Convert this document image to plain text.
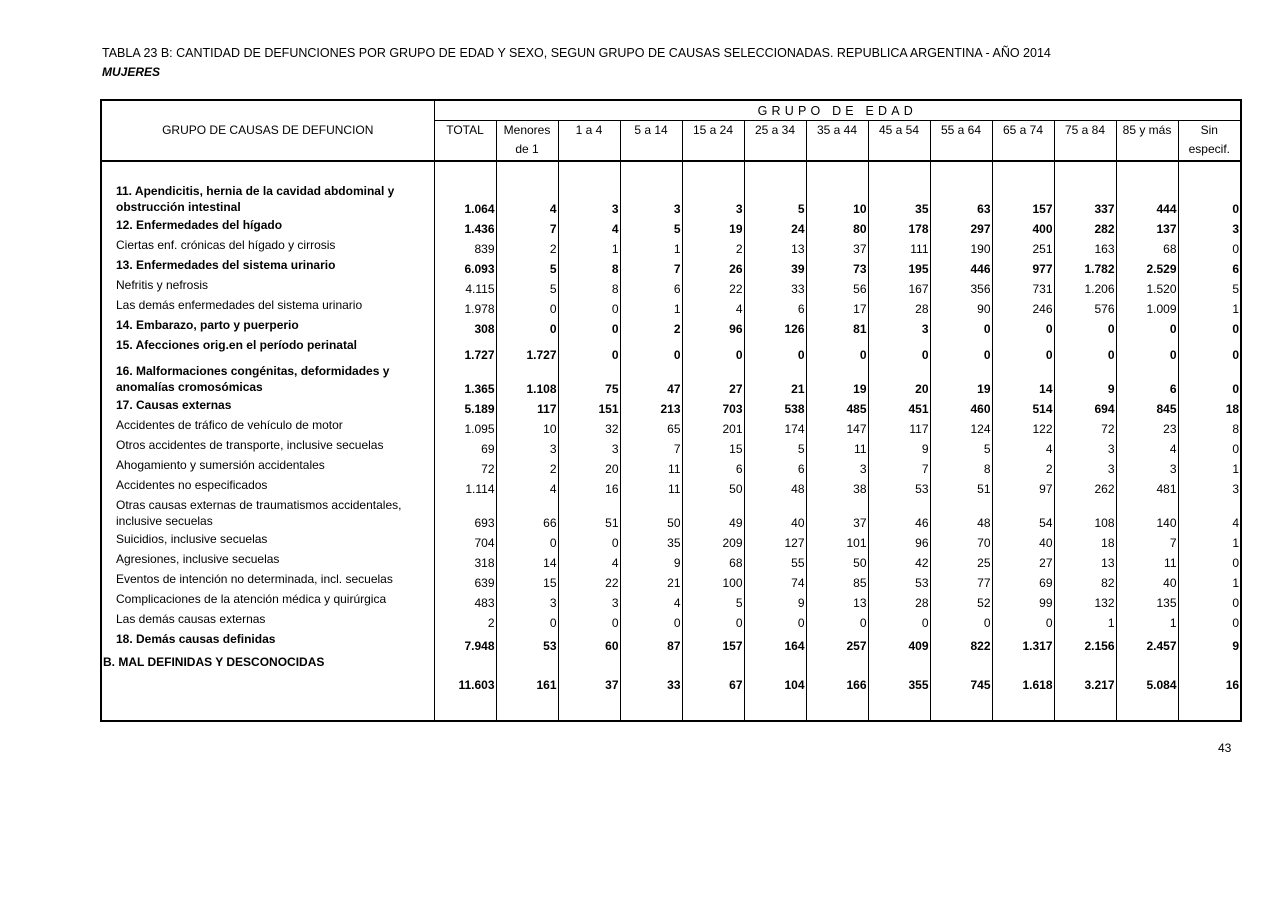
TABLA 23 B: CANTIDAD DE DEFUNCIONES POR GRUPO DE EDAD Y SEXO, SEGUN GRUPO DE CAUSAS SELECCIONADAS. REPUBLICA ARGENTINA - AÑO 2014
MUJERES
GRUPO DE CAUSAS DE DEFUNCION	GRUPO DE EDAD												
	TOTAL	Menores	1 a 4	5 a 14	15 a 24	25 a 34	35 a 44	45 a 54	55 a 64	65 a 74	75 a 84	85 y más	Sin
		de 1											especif.

11. Apendicitis, hernia de la cavidad abdominal y
obstrucción intestinal	1.064	4	3	3	3	5	10	35	63	157	337	444	0

12. Enfermedades del hígado	1.436	7	4	5	19	24	80	178	297	400	282	137	3

Ciertas enf. crónicas del hígado y cirrosis	839	2	1	1	2	13	37	111	190	251	163	68	0

13. Enfermedades del sistema urinario	6.093	5	8	7	26	39	73	195	446	977	1.782	2.529	6

Nefritis y nefrosis	4.115	5	8	6	22	33	56	167	356	731	1.206	1.520	5

Las demás enfermedades del sistema urinario	1.978	0	0	1	4	6	17	28	90	246	576	1.009	1

14. Embarazo, parto y puerperio	308	0	0	2	96	126	81	3	0	0	0	0	0

15. Afecciones orig.en el período perinatal	1.727	1.727	0	0	0	0	0	0	0	0	0	0	0

16. Malformaciones congénitas, deformidades y
anomalías cromosómicas	1.365	1.108	75	47	27	21	19	20	19	14	9	6	0

17. Causas externas	5.189	117	151	213	703	538	485	451	460	514	694	845	18

Accidentes de tráfico de vehículo de motor	1.095	10	32	65	201	174	147	117	124	122	72	23	8

Otros accidentes de transporte, inclusive secuelas	69	3	3	7	15	5	11	9	5	4	3	4	0

Ahogamiento y sumersión accidentales	72	2	20	11	6	6	3	7	8	2	3	3	1

Accidentes no especificados	1.114	4	16	11	50	48	38	53	51	97	262	481	3

Otras causas externas de traumatismos accidentales,
inclusive secuelas	693	66	51	50	49	40	37	46	48	54	108	140	4

Suicidios, inclusive secuelas	704	0	0	35	209	127	101	96	70	40	18	7	1

Agresiones, inclusive secuelas	318	14	4	9	68	55	50	42	25	27	13	11	0

Eventos de intención no determinada, incl. secuelas	639	15	22	21	100	74	85	53	77	69	82	40	1

Complicaciones de la atención médica y quirúrgica	483	3	3	4	5	9	13	28	52	99	132	135	0

Las demás causas externas	2	0	0	0	0	0	0	0	0	0	1	1	0

18. Demás causas definidas	7.948	53	60	87	157	164	257	409	822	1.317	2.156	2.457	9

B. MAL DEFINIDAS Y DESCONOCIDAS	11.603	161	37	33	67	104	166	355	745	1.618	3.217	5.084	16

43
